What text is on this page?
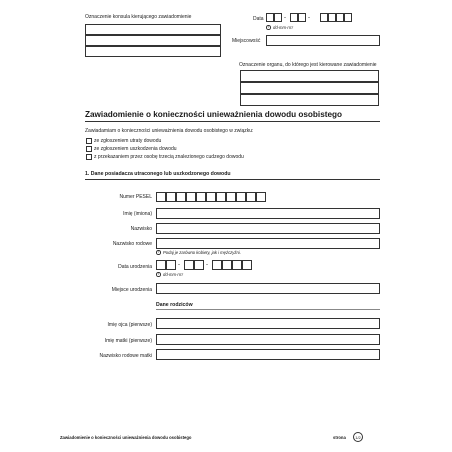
Oznaczenie konsula kierującego zawiadomienie	Data	-	-
i	dd-mm-rrrr
Miejscowość
Oznaczenie organu, do którego jest kierowane zawiadomienie
Zawiadomienie o konieczności unieważnienia dowodu osobistego
Zawiadamiam o konieczności unieważnienia dowodu osobistego w związku:
ze zgłoszeniem utraty dowodu
ze zgłoszeniem uszkodzenia dowodu
z przekazaniem przez osobę trzecią znalezionego cudzego dowodu
1. Dane posiadacza utraconego lub uszkodzonego dowodu
Numer PESEL
Imię (imiona)
Nazwisko
Nazwisko rodowe
i	Podaj je zarówno kobiety, jak i mężczyźni.
Data urodzenia	-	-
i	dd-mm-rrrr
Miejsce urodzenia
Dane rodziców
Imię ojca (pierwsze)
Imię matki (pierwsze)
Nazwisko rodowe matki
Zawiadomienie o konieczności unieważnienia dowodu osobistego	strona	1/2
